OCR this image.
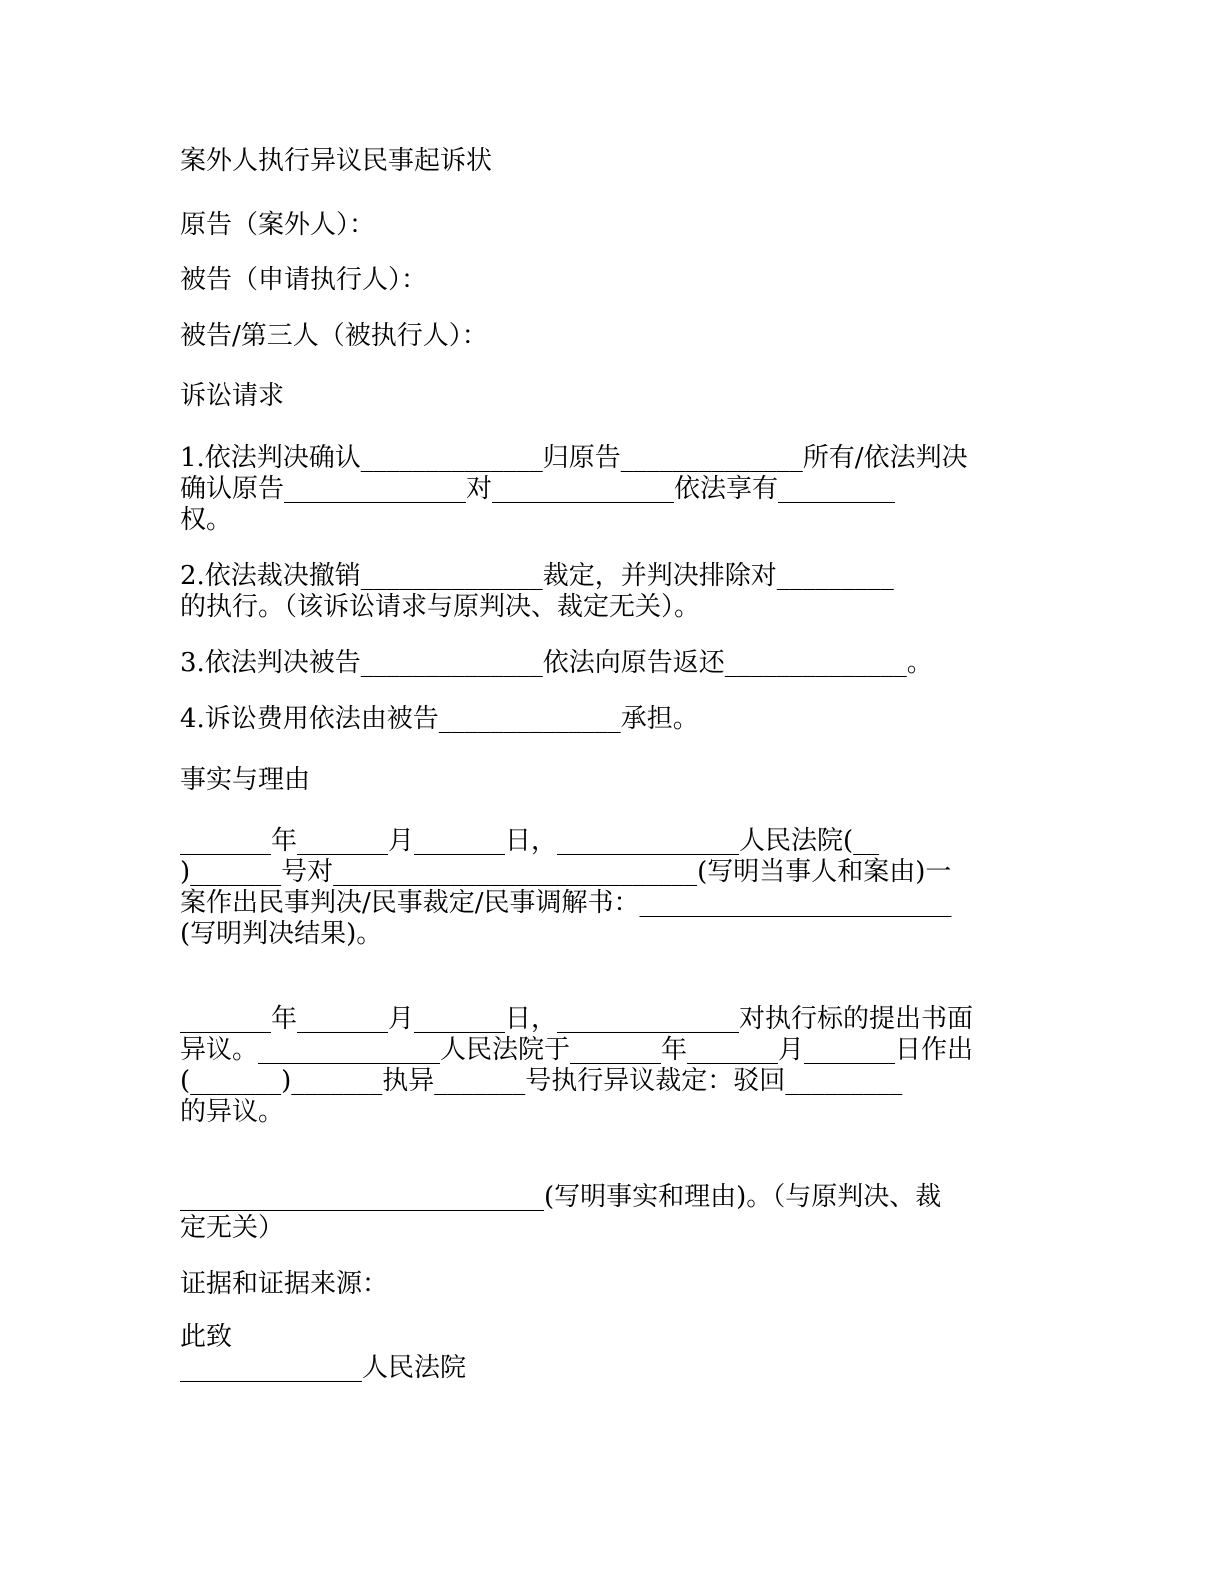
案外人执行异议民事起诉状
原告（案外人）：
被告（申请执行人）：
被告/第三人（被执行人）：
诉讼请求
1.依法判决确认______________归原告______________所有/依法判决
确认原告______________对______________依法享有_________
权。
2.依法裁决撤销______________裁定，并判决排除对_________
的执行。（该诉讼请求与原判决、裁定无关）。
3.依法判决被告______________依法向原告返还______________。
4.诉讼费用依法由被告______________承担。
事实与理由
_______年_______月_______日，______________人民法院(__
)_______号对____________________________(写明当事人和案由)一
案作出民事判决/民事裁定/民事调解书：________________________
(写明判决结果)。
_______年_______月_______日，______________对执行标的提出书面
异议。______________人民法院于_______年_______月_______日作出
(_______)_______执异_______号执行异议裁定：驳回_________
的异议。
____________________________(写明事实和理由)。（与原判决、裁
定无关）
证据和证据来源：
此致
______________人民法院
